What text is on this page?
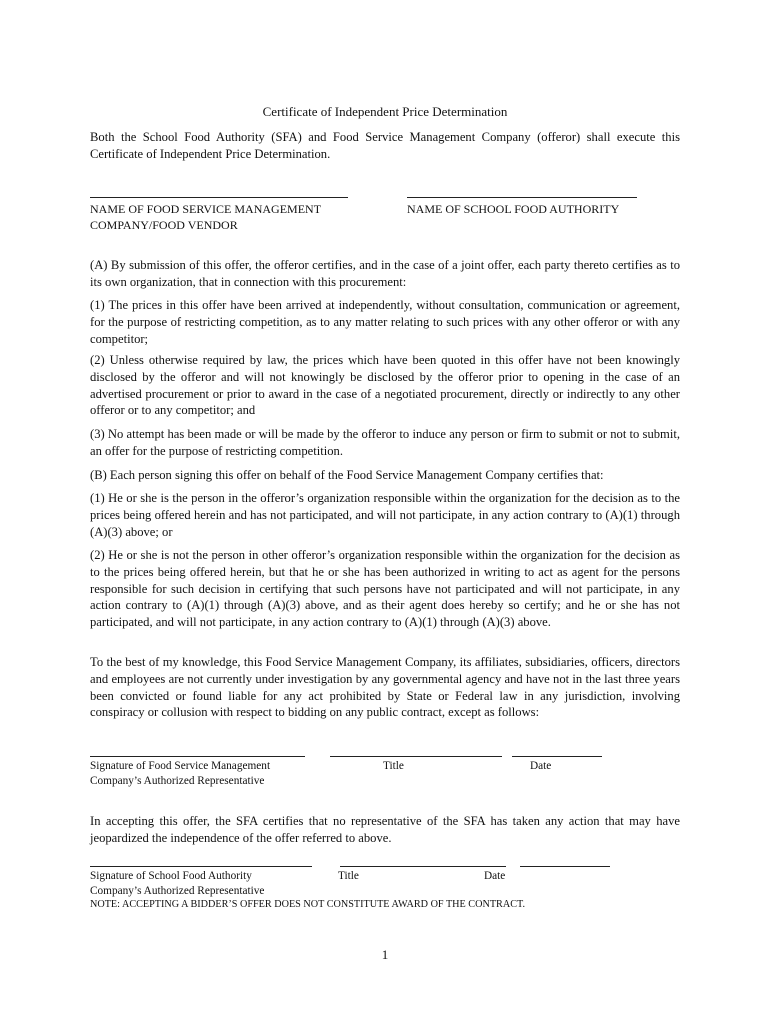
Certificate of Independent Price Determination

Both the School Food Authority (SFA) and Food Service Management Company (offeror) shall execute this Certificate of Independent Price Determination.

NAME OF FOOD SERVICE MANAGEMENT
COMPANY/FOOD VENDOR
NAME OF SCHOOL FOOD AUTHORITY

(A) By submission of this offer, the offeror certifies, and in the case of a joint offer, each party thereto certifies as to its own organization, that in connection with this procurement:

(1) The prices in this offer have been arrived at independently, without consultation, communication or agreement, for the purpose of restricting competition, as to any matter relating to such prices with any other offeror or with any competitor;

(2) Unless otherwise required by law, the prices which have been quoted in this offer have not been knowingly disclosed by the offeror and will not knowingly be disclosed by the offeror prior to opening in the case of an advertised procurement or prior to award in the case of a negotiated procurement, directly or indirectly to any other offeror or to any competitor; and

(3) No attempt has been made or will be made by the offeror to induce any person or firm to submit or not to submit, an offer for the purpose of restricting competition.

(B) Each person signing this offer on behalf of the Food Service Management Company certifies that:

(1) He or she is the person in the offeror’s organization responsible within the organization for the decision as to the prices being offered herein and has not participated, and will not participate, in any action contrary to (A)(1) through (A)(3) above; or

(2) He or she is not the person in other offeror’s organization responsible within the organization for the decision as to the prices being offered herein, but that he or she has been authorized in writing to act as agent for the persons responsible for such decision in certifying that such persons have not participated and will not participate, in any action contrary to (A)(1) through (A)(3) above, and as their agent does hereby so certify; and he or she has not participated, and will not participate, in any action contrary to (A)(1) through (A)(3) above.

To the best of my knowledge, this Food Service Management Company, its affiliates, subsidiaries, officers, directors and employees are not currently under investigation by any governmental agency and have not in the last three years been convicted or found liable for any act prohibited by State or Federal law in any jurisdiction, involving conspiracy or collusion with respect to bidding on any public contract, except as follows:

Signature of Food Service Management
Company’s Authorized Representative
Title	Date

In accepting this offer, the SFA certifies that no representative of the SFA has taken any action that may have jeopardized the independence of the offer referred to above.

Signature of School Food Authority
Company’s Authorized Representative
Title	Date
NOTE: ACCEPTING A BIDDER’S OFFER DOES NOT CONSTITUTE AWARD OF THE CONTRACT.
1
